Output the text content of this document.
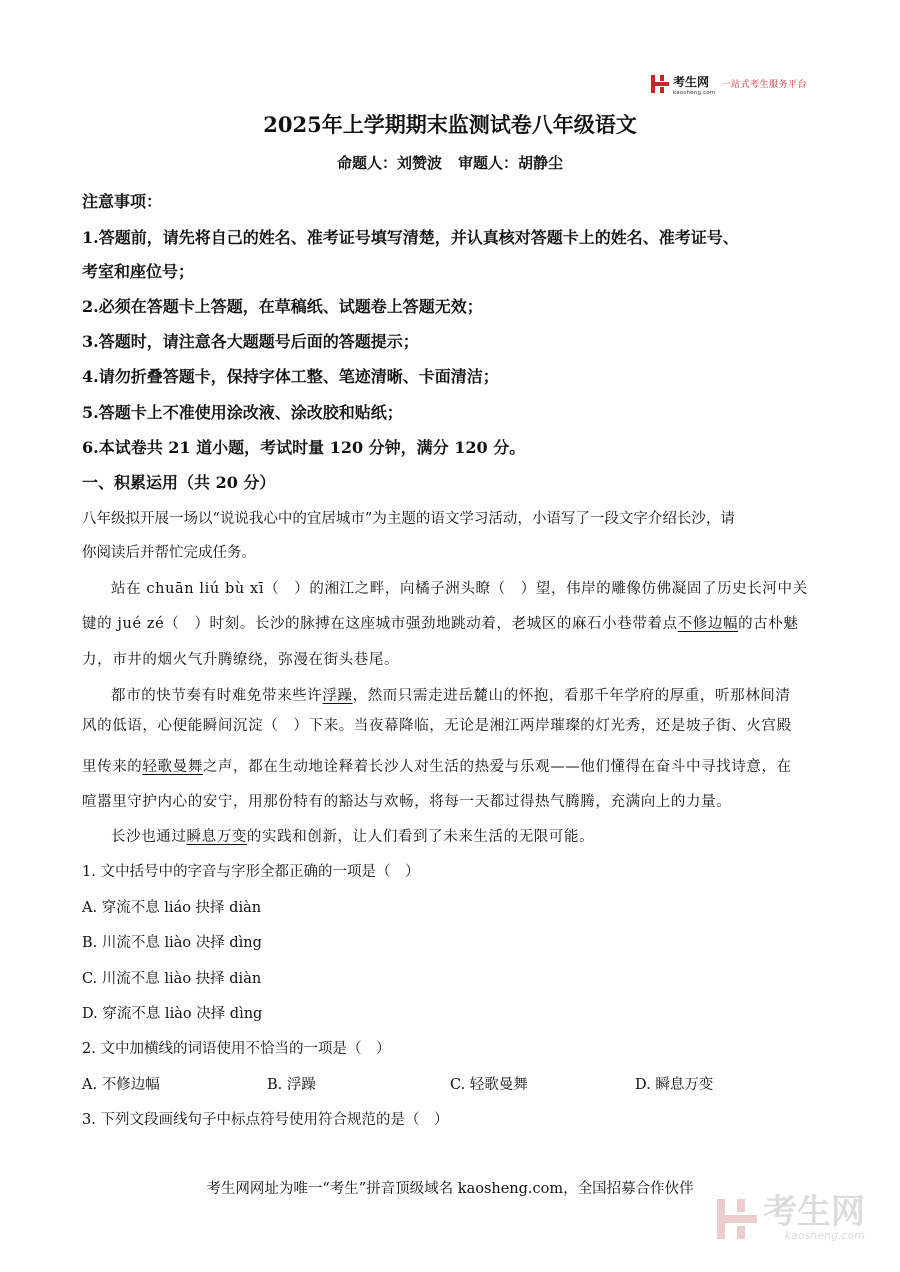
考生网
kaosheng.com
一站式考生服务平台
2025年上学期期末监测试卷八年级语文
命题人：刘赞波 审题人：胡静尘
注意事项：
1.答题前，请先将自己的姓名、准考证号填写清楚，并认真核对答题卡上的姓名、准考证号、
考室和座位号；
2.必须在答题卡上答题，在草稿纸、试题卷上答题无效；
3.答题时，请注意各大题题号后面的答题提示；
4.请勿折叠答题卡，保持字体工整、笔迹清晰、卡面清洁；
5.答题卡上不准使用涂改液、涂改胶和贴纸；
6.本试卷共 21 道小题，考试时量 120 分钟，满分 120 分。
一、积累运用（共 20 分）
八年级拟开展一场以“说说我心中的宜居城市”为主题的语文学习活动，小语写了一段文字介绍长沙，请
你阅读后并帮忙完成任务。
站在 chuān liú bù xī（　）的湘江之畔，向橘子洲头瞭（　）望，伟岸的雕像仿佛凝固了历史长河中关
键的 jué zé（　）时刻。长沙的脉搏在这座城市强劲地跳动着，老城区的麻石小巷带着点不修边幅的古朴魅
力，市井的烟火气升腾缭绕，弥漫在街头巷尾。
都市的快节奏有时难免带来些许浮躁，然而只需走进岳麓山的怀抱，看那千年学府的厚重，听那林间清
风的低语，心便能瞬间沉淀（　）下来。当夜幕降临，无论是湘江两岸璀璨的灯光秀，还是坡子街、火宫殿
里传来的轻歌曼舞之声，都在生动地诠释着长沙人对生活的热爱与乐观——他们懂得在奋斗中寻找诗意，在
喧嚣里守护内心的安宁，用那份特有的豁达与欢畅，将每一天都过得热气腾腾，充满向上的力量。
长沙也通过瞬息万变的实践和创新，让人们看到了未来生活的无限可能。
1. 文中括号中的字音与字形全都正确的一项是（　）
A. 穿流不息 liáo 抉择 diàn
B. 川流不息 liào 决择 dìng
C. 川流不息 liào 抉择 diàn
D. 穿流不息 liào 决择 dìng
2. 文中加横线的词语使用不恰当的一项是（　）
A. 不修边幅	B. 浮躁	C. 轻歌曼舞	D. 瞬息万变
3. 下列文段画线句子中标点符号使用符合规范的是（　）
考生网网址为唯一“考生”拼音顶级域名 kaosheng.com，全国招募合作伙伴
考生网
kaosheng.com
